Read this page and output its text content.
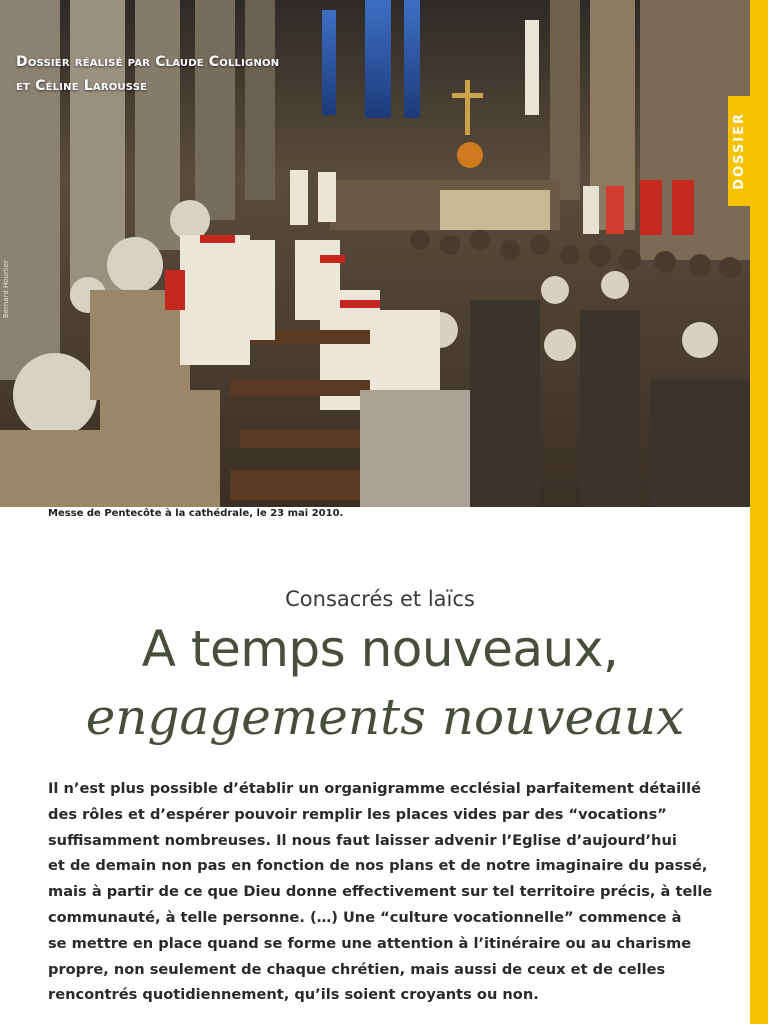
Dossier réalisé par Claude Collignon
et Céline Larousse
Bernard Hourlier
DOSSIER
Messe de Pentecôte à la cathédrale, le 23 mai 2010.
Consacrés et laïcs
A temps nouveaux,
engagements nouveaux
Il n’est plus possible d’établir un organigramme ecclésial parfaitement détaillé
des rôles et d’espérer pouvoir remplir les places vides par des “vocations”
suffisamment nombreuses. Il nous faut laisser advenir l’Eglise d’aujourd’hui
et de demain non pas en fonction de nos plans et de notre imaginaire du passé,
mais à partir de ce que Dieu donne effectivement sur tel territoire précis, à telle
communauté, à telle personne. (…) Une “culture vocationnelle” commence à
se mettre en place quand se forme une attention à l’itinéraire ou au charisme
propre, non seulement de chaque chrétien, mais aussi de ceux et de celles
rencontrés quotidiennement, qu’ils soient croyants ou non.
